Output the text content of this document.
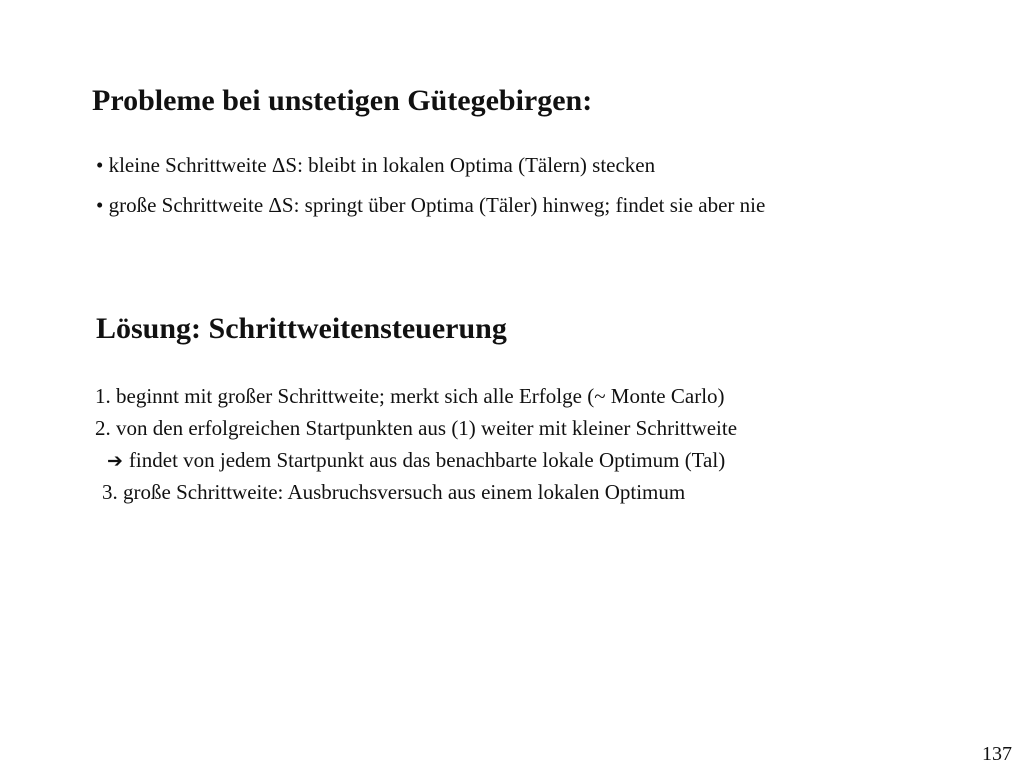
Probleme bei unstetigen Gütegebirgen:
• kleine Schrittweite ΔS: bleibt in lokalen Optima (Tälern) stecken
• große Schrittweite ΔS: springt über Optima (Täler) hinweg; findet sie aber nie
Lösung: Schrittweitensteuerung
1. beginnt mit großer Schrittweite; merkt sich alle Erfolge (~ Monte Carlo)
2. von den erfolgreichen Startpunkten aus (1) weiter mit kleiner Schrittweite
➔ findet von jedem Startpunkt aus das benachbarte lokale Optimum (Tal)
3. große Schrittweite: Ausbruchsversuch aus einem lokalen Optimum
137
